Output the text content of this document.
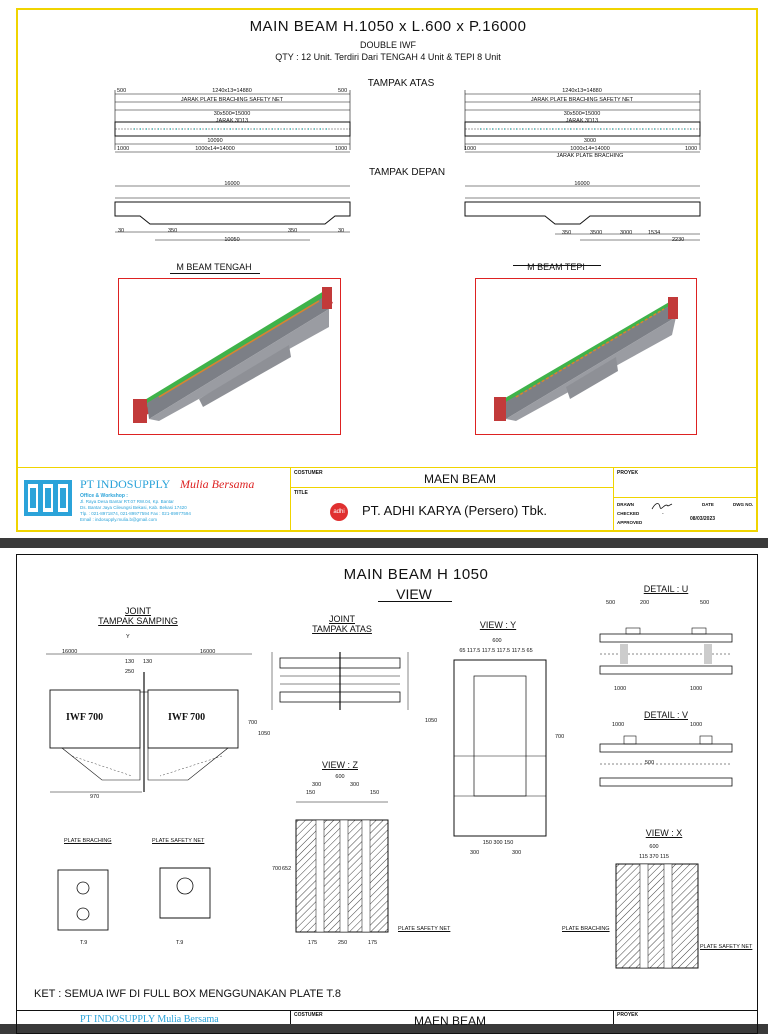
MAIN BEAM H.1050 x L.600 x P.16000
DOUBLE IWF
QTY : 12 Unit. Terdiri Dari TENGAH 4 Unit & TEPI 8 Unit
TAMPAK ATAS
1240x13=14880
JARAK PLATE BRACHING SAFETY NET
30x500=15000
JARAK 3D13
10090
1000x14=14000
1000	1000
500	500	1240x13=14880
JARAK PLATE BRACHING SAFETY NET
30x500=15000
JARAK 3D13
3000
1000x14=14000
JARAK PLATE BRACHING
1000	1000
TAMPAK DEPAN
16000
10050
350	350
30	30
16000
350	3500	3000	1534
2230
M BEAM TENGAH	M BEAM TEPI
PT INDOSUPPLY Mulia Bersama
Office & Workshop :
Jl. Raya Desa Bantar RT.07 RW.04, Kp. Bantar
Ds. Bantar Jaya Cileungsi Bekasi, Kab. Bekasi 17420
Tlp. : 021-8971874, 021-89977594 Fax : 021-89977594
Email : indosupply.mulia.b@gmail.com
COSTUMER	MAEN BEAM
TITLE
adhi PT. ADHI KARYA (Persero) Tbk.
PROYEK
DRAWN
CHECKED
APPROVED
-
DATE	DWG NO.
08/03/2023
MAIN BEAM H 1050
VIEW
JOINT
TAMPAK SAMPING
Y
16000	16000
130 130
250
IWF 700	IWF 700	700
1050
970
JOINT
TAMPAK ATAS	VIEW : Y
600
65 117.5 117.5 117.5 117.5 65
150 300 150
300	300
1050
700
VIEW : Z
600
300	300
150	150
700 652
175	250	175
PLATE SAFETY NET
DETAIL : U
500	200	500
1000	1000
DETAIL : V
1000	1000
500
VIEW : X
600
115 370 115
PLATE BRACHING
PLATE SAFETY NET
PLATE BRACHING
T.9
PLATE SAFETY NET
T.9
KET : SEMUA IWF DI FULL BOX MENGGUNAKAN PLATE T.8
PT INDOSUPPLY Mulia Bersama	COSTUMER	MAEN BEAM	PROYEK
